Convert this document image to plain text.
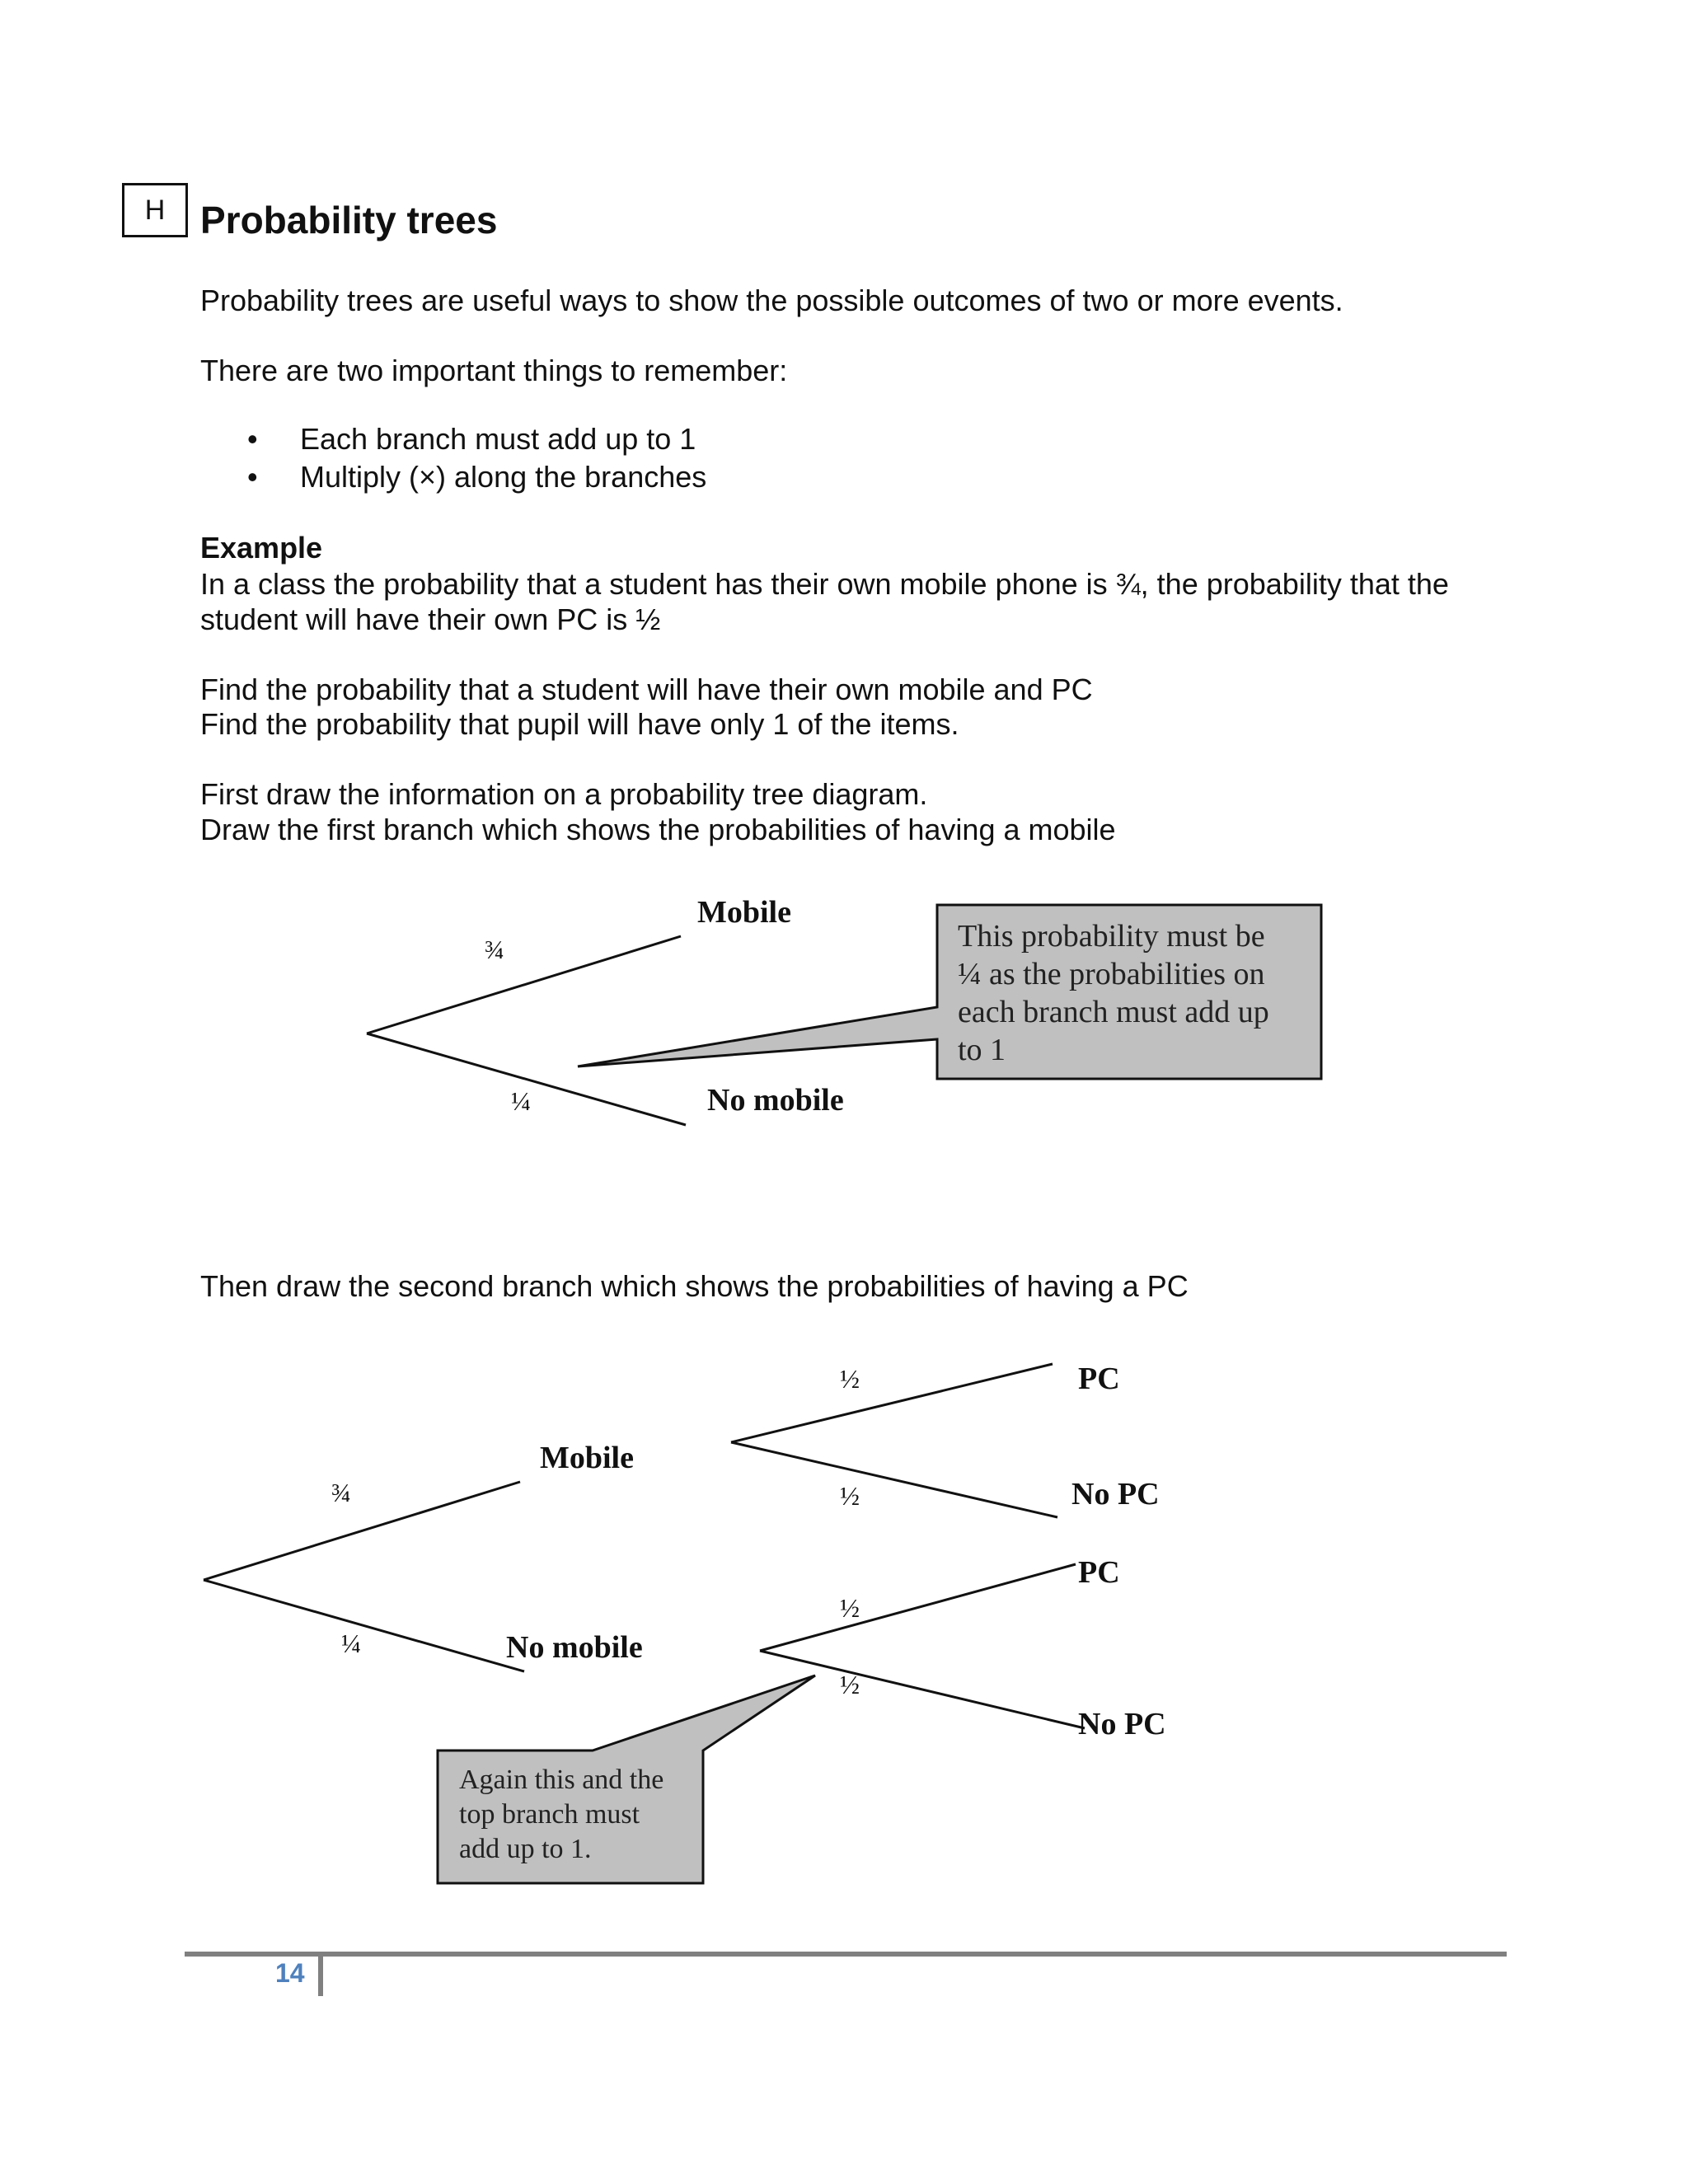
H Probability trees
Probability trees are useful ways to show the possible outcomes of two or more events.
There are two important things to remember:
•	Each branch must add up to 1
•	Multiply (×) along the branches
Example
In a class the probability that a student has their own mobile phone is ¾, the probability that the
student will have their own PC is ½
Find the probability that a student will have their own mobile and PC
Find the probability that pupil will have only 1 of the items.
First draw the information on a probability tree diagram.
Draw the first branch which shows the probabilities of having a mobile
Then draw the second branch which shows the probabilities of having a PC
¾
¼
Mobile
No mobile
This probability must be
¼ as the probabilities on
each branch must add up
to 1
¾
¼
Mobile
No mobile
½
½
½
½
PC
No PC
PC
No PC
Again this and the
top branch must
add up to 1.
14
